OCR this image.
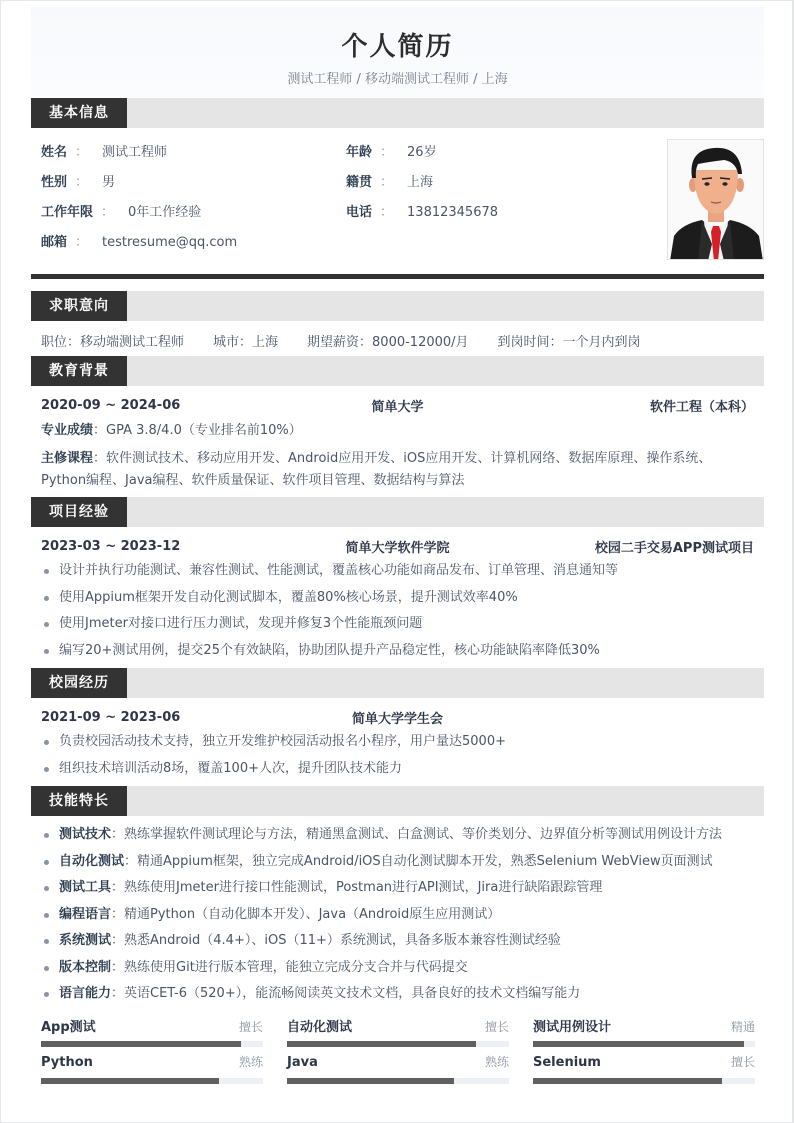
个人简历
测试工程师 / 移动端测试工程师 / 上海
基本信息
姓名 ： 测试工程师	年龄 ： 26岁
性别 ： 男	籍贯 ： 上海
工作年限 ： 0年工作经验	电话 ： 13812345678
邮箱 ： testresume@qq.com
求职意向
职位：移动端测试工程师 城市：上海 期望薪资：8000-12000/月 到岗时间：一个月内到岗
教育背景
2020-09 ~ 2024-06	简单大学	软件工程（本科）
专业成绩：GPA 3.8/4.0（专业排名前10%）
主修课程：软件测试技术、移动应用开发、Android应用开发、iOS应用开发、计算机网络、数据库原理、操作系统、Python编程、Java编程、软件质量保证、软件项目管理、数据结构与算法
项目经验
2023-03 ~ 2023-12	简单大学软件学院	校园二手交易APP测试项目
设计并执行功能测试、兼容性测试、性能测试，覆盖核心功能如商品发布、订单管理、消息通知等
使用Appium框架开发自动化测试脚本，覆盖80%核心场景，提升测试效率40%
使用Jmeter对接口进行压力测试，发现并修复3个性能瓶颈问题
编写20+测试用例，提交25个有效缺陷，协助团队提升产品稳定性，核心功能缺陷率降低30%
校园经历
2021-09 ~ 2023-06	简单大学学生会
负责校园活动技术支持，独立开发维护校园活动报名小程序，用户量达5000+
组织技术培训活动8场，覆盖100+人次，提升团队技术能力
技能特长
测试技术：熟练掌握软件测试理论与方法，精通黑盒测试、白盒测试、等价类划分、边界值分析等测试用例设计方法
自动化测试：精通Appium框架，独立完成Android/iOS自动化测试脚本开发，熟悉Selenium WebView页面测试
测试工具：熟练使用Jmeter进行接口性能测试，Postman进行API测试，Jira进行缺陷跟踪管理
编程语言：精通Python（自动化脚本开发）、Java（Android原生应用测试）
系统测试：熟悉Android（4.4+）、iOS（11+）系统测试，具备多版本兼容性测试经验
版本控制：熟练使用Git进行版本管理，能独立完成分支合并与代码提交
语言能力：英语CET-6（520+），能流畅阅读英文技术文档，具备良好的技术文档编写能力
App测试	擅长 自动化测试	擅长 测试用例设计	精通
Python	熟练 Java	熟练 Selenium	擅长
